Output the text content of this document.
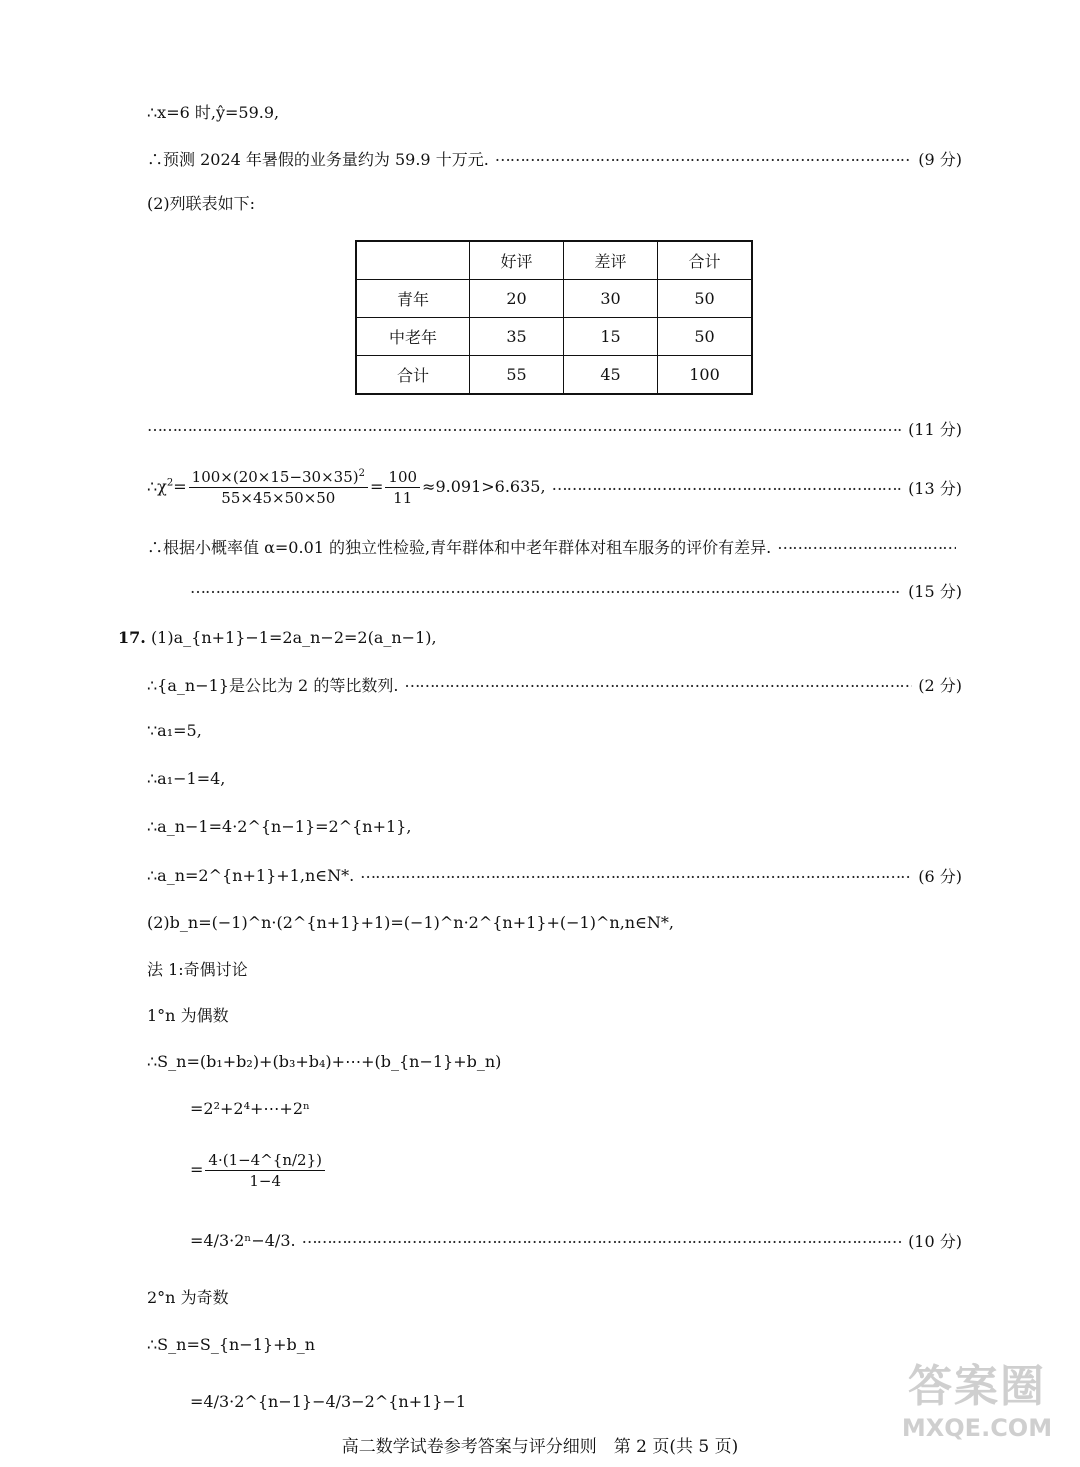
∴x=6 时,ŷ=59.9,
∴预测 2024 年暑假的业务量约为 59.9 十万元. …………………………………………………………………………………………………………………………………………………………	(9 分)
(2)列联表如下:
	好评	差评	合计
青年	20	30	50
中老年	35	15	50
合计	55	45	100
…………………………………………………………………………………………………………………………………………………………
(11 分)
$\therefore\chi^2= \frac{100\times(20\times 15-30\times 35)^2}{55\times 45\times 50\times 50} = \frac{100}{11} \approx 9.091>6.635$, …………………………………………………………………………………………………………………………………………………………	(13 分)
∴根据小概率值 α=0.01 的独立性检验,青年群体和中老年群体对租车服务的评价有差异.
…………………………………………………………………………………………………………………………………………………………
…………………………………………………………………………………………………………………………………………………………
(15 分)
17. (1)a_{n+1}−1=2a_n−2=2(a_n−1),
∴{a_n−1}是公比为 2 的等比数列. …………………………………………………………………………………………………………………………………………………………	(2 分)
∵a₁=5,
∴a₁−1=4,
∴a_n−1=4·2^{n−1}=2^{n+1},
∴a_n=2^{n+1}+1,n∈N*. …………………………………………………………………………………………………………………………………………………………	(6 分)
(2)b_n=(−1)^n·(2^{n+1}+1)=(−1)^n·2^{n+1}+(−1)^n,n∈N*,
法 1:奇偶讨论
1°n 为偶数
∴S_n=(b₁+b₂)+(b₃+b₄)+⋯+(b_{n−1}+b_n)
=2²+2⁴+⋯+2ⁿ
= $\frac{4\cdot(1-4\^{}\{n/2\})}{1-4}$
=4/3·2ⁿ−4/3. …………………………………………………………………………………………………………………………………………………………	(10 分)
2°n 为奇数
∴S_n=S_{n−1}+b_n
=4/3·2^{n−1}−4/3−2^{n+1}−1
高二数学试卷参考答案与评分细则　第 2 页(共 5 页)
答案圈
MXQE.COM
